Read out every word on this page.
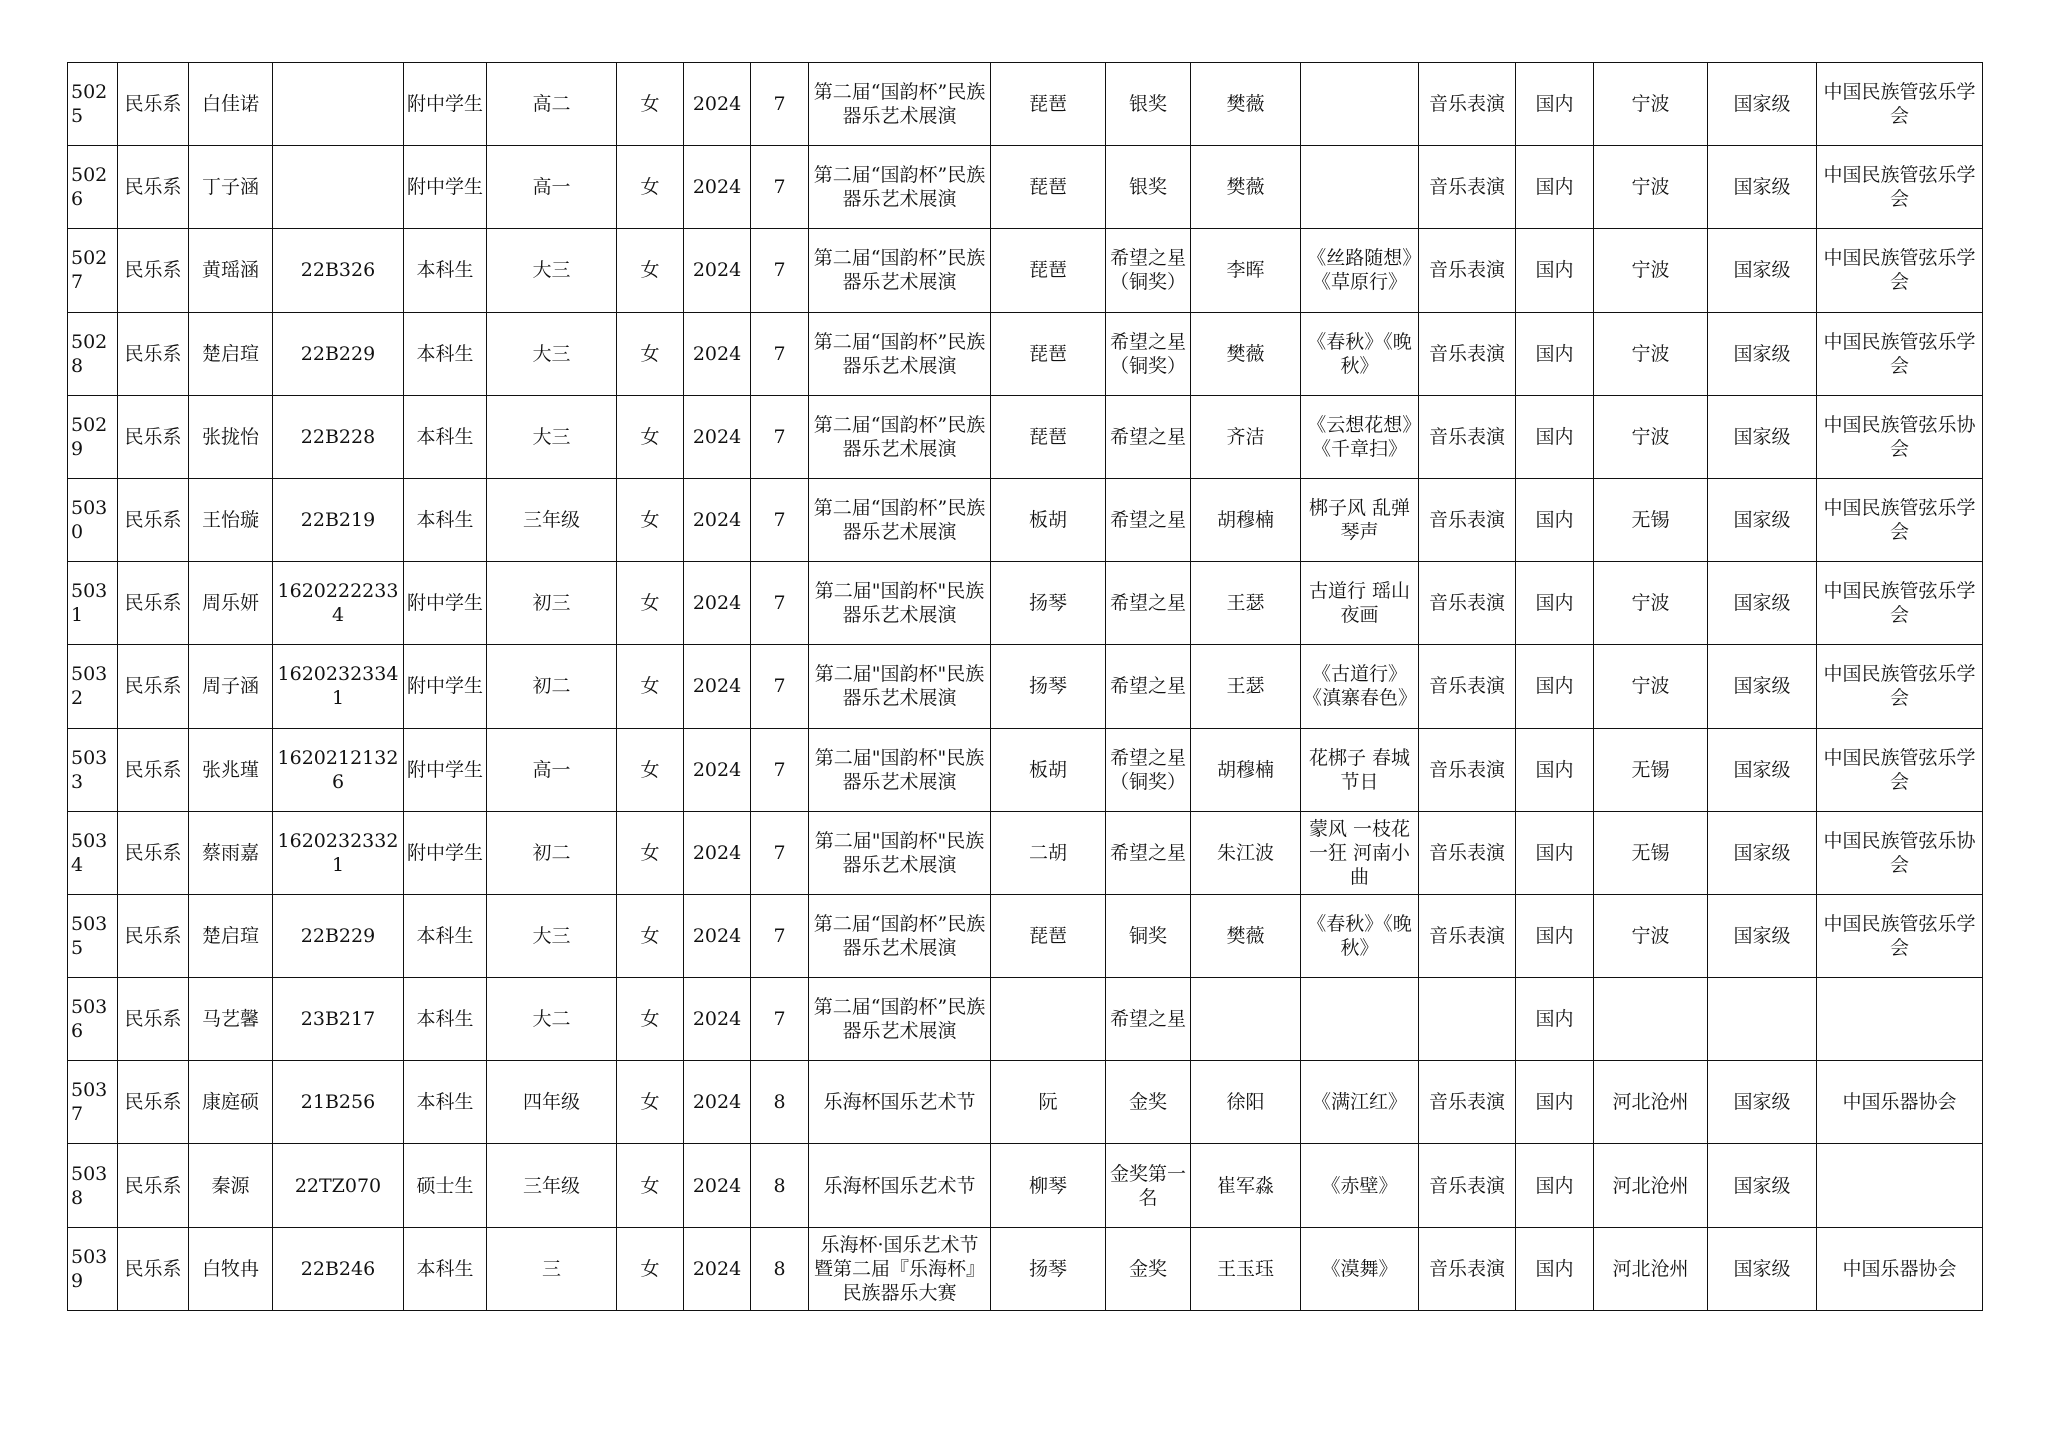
5025	民乐系	白佳诺		附中学生	高二	女	2024	7	第二届“国韵杯”民族器乐艺术展演	琵琶	银奖	樊薇		音乐表演	国内	宁波	国家级	中国民族管弦乐学会
5026	民乐系	丁子涵		附中学生	高一	女	2024	7	第二届“国韵杯”民族器乐艺术展演	琵琶	银奖	樊薇		音乐表演	国内	宁波	国家级	中国民族管弦乐学会
5027	民乐系	黄瑶涵	22B326	本科生	大三	女	2024	7	第二届“国韵杯”民族器乐艺术展演	琵琶	希望之星（铜奖）	李晖	《丝路随想》《草原行》	音乐表演	国内	宁波	国家级	中国民族管弦乐学会
5028	民乐系	楚启瑄	22B229	本科生	大三	女	2024	7	第二届“国韵杯”民族器乐艺术展演	琵琶	希望之星（铜奖）	樊薇	《春秋》《晚秋》	音乐表演	国内	宁波	国家级	中国民族管弦乐学会
5029	民乐系	张拢怡	22B228	本科生	大三	女	2024	7	第二届“国韵杯”民族器乐艺术展演	琵琶	希望之星	齐洁	《云想花想》《千章扫》	音乐表演	国内	宁波	国家级	中国民族管弦乐协会
5030	民乐系	王怡璇	22B219	本科生	三年级	女	2024	7	第二届“国韵杯”民族器乐艺术展演	板胡	希望之星	胡穆楠	梆子风 乱弹琴声	音乐表演	国内	无锡	国家级	中国民族管弦乐学会
5031	民乐系	周乐妍	16202222334	附中学生	初三	女	2024	7	第二届"国韵杯"民族器乐艺术展演	扬琴	希望之星	王瑟	古道行 瑶山夜画	音乐表演	国内	宁波	国家级	中国民族管弦乐学会
5032	民乐系	周子涵	16202323341	附中学生	初二	女	2024	7	第二届"国韵杯"民族器乐艺术展演	扬琴	希望之星	王瑟	《古道行》《滇寨春色》	音乐表演	国内	宁波	国家级	中国民族管弦乐学会
5033	民乐系	张兆瑾	16202121326	附中学生	高一	女	2024	7	第二届"国韵杯"民族器乐艺术展演	板胡	希望之星（铜奖）	胡穆楠	花梆子 春城节日	音乐表演	国内	无锡	国家级	中国民族管弦乐学会
5034	民乐系	蔡雨嘉	16202323321	附中学生	初二	女	2024	7	第二届"国韵杯"民族器乐艺术展演	二胡	希望之星	朱江波	蒙风 一枝花 一狂 河南小曲	音乐表演	国内	无锡	国家级	中国民族管弦乐协会
5035	民乐系	楚启瑄	22B229	本科生	大三	女	2024	7	第二届“国韵杯”民族器乐艺术展演	琵琶	铜奖	樊薇	《春秋》《晚秋》	音乐表演	国内	宁波	国家级	中国民族管弦乐学会
5036	民乐系	马艺馨	23B217	本科生	大二	女	2024	7	第二届“国韵杯”民族器乐艺术展演		希望之星				国内			
5037	民乐系	康庭硕	21B256	本科生	四年级	女	2024	8	乐海杯国乐艺术节	阮	金奖	徐阳	《满江红》	音乐表演	国内	河北沧州	国家级	中国乐器协会
5038	民乐系	秦源	22TZ070	硕士生	三年级	女	2024	8	乐海杯国乐艺术节	柳琴	金奖第一名	崔军淼	《赤壁》	音乐表演	国内	河北沧州	国家级	
5039	民乐系	白牧冉	22B246	本科生	三	女	2024	8	乐海杯·国乐艺术节暨第二届『乐海杯』民族器乐大赛	扬琴	金奖	王玉珏	《漠舞》	音乐表演	国内	河北沧州	国家级	中国乐器协会
